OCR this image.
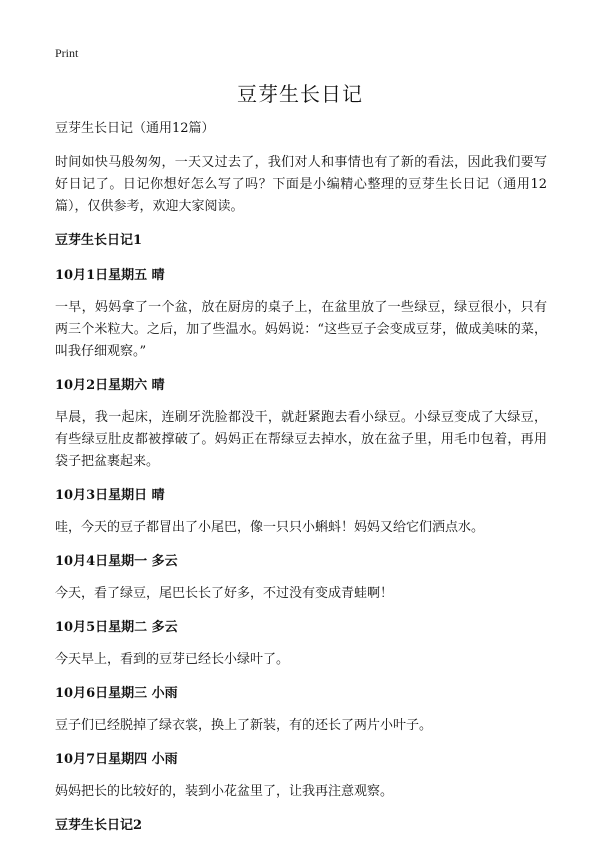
Print
豆芽生长日记

豆芽生长日记（通用12篇）

时间如快马般匆匆，一天又过去了，我们对人和事情也有了新的看法，因此我们要写好日记了。日记你想好怎么写了吗？下面是小编精心整理的豆芽生长日记（通用12篇），仅供参考，欢迎大家阅读。

豆芽生长日记1

10月1日星期五 晴

一早，妈妈拿了一个盆，放在厨房的桌子上，在盆里放了一些绿豆，绿豆很小，只有两三个米粒大。之后，加了些温水。妈妈说：“这些豆子会变成豆芽，做成美味的菜，叫我仔细观察。”

10月2日星期六 晴

早晨，我一起床，连刷牙洗脸都没干，就赶紧跑去看小绿豆。小绿豆变成了大绿豆，有些绿豆肚皮都被撑破了。妈妈正在帮绿豆去掉水，放在盆子里，用毛巾包着，再用袋子把盆裹起来。

10月3日星期日 晴

哇，今天的豆子都冒出了小尾巴，像一只只小蝌蚪！妈妈又给它们洒点水。

10月4日星期一 多云

今天，看了绿豆，尾巴长长了好多，不过没有变成青蛙啊！

10月5日星期二 多云

今天早上，看到的豆芽已经长小绿叶了。

10月6日星期三 小雨

豆子们已经脱掉了绿衣裳，换上了新装，有的还长了两片小叶子。

10月7日星期四 小雨

妈妈把长的比较好的，装到小花盆里了，让我再注意观察。

豆芽生长日记2
